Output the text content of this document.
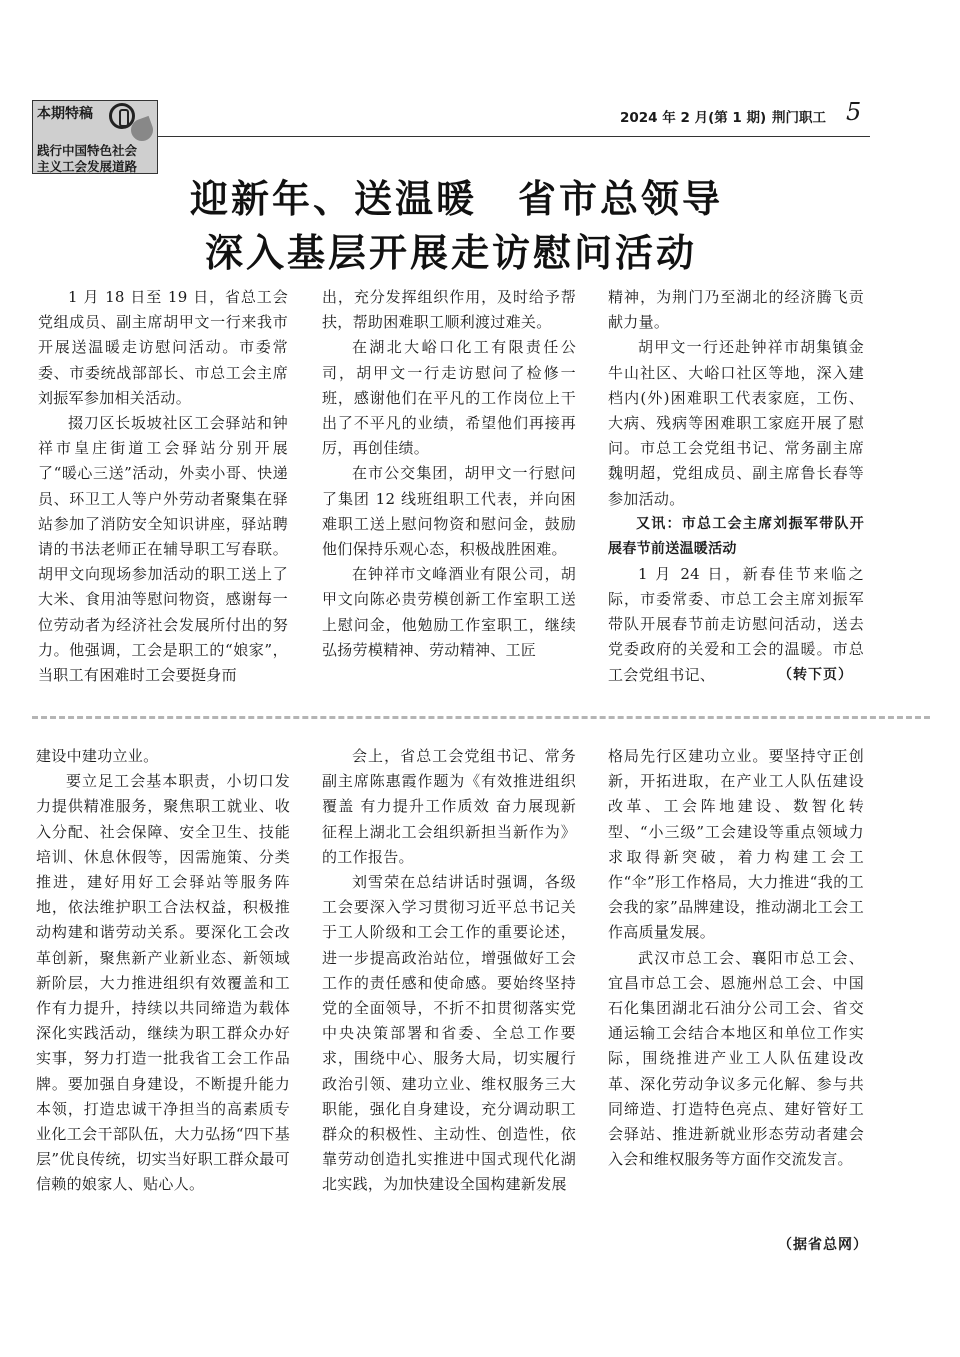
本期特稿
践行中国特色社会
主义工会发展道路
2024 年 2 月(第 1 期) 荆门职工 5
迎新年、送温暖　省市总领导
深入基层开展走访慰问活动

1 月 18 日至 19 日，省总工会党组成员、副主席胡甲文一行来我市开展送温暖走访慰问活动。市委常委、市委统战部部长、市总工会主席刘振军参加相关活动。

掇刀区长坂坡社区工会驿站和钟祥市皇庄街道工会驿站分别开展了“暖心三送”活动，外卖小哥、快递员、环卫工人等户外劳动者聚集在驿站参加了消防安全知识讲座，驿站聘请的书法老师正在辅导职工写春联。胡甲文向现场参加活动的职工送上了大米、食用油等慰问物资，感谢每一位劳动者为经济社会发展所付出的努力。他强调，工会是职工的“娘家”，当职工有困难时工会要挺身而

出，充分发挥组织作用，及时给予帮扶，帮助困难职工顺利渡过难关。

在湖北大峪口化工有限责任公司，胡甲文一行走访慰问了检修一班，感谢他们在平凡的工作岗位上干出了不平凡的业绩，希望他们再接再厉，再创佳绩。

在市公交集团，胡甲文一行慰问了集团 12 线班组职工代表，并向困难职工送上慰问物资和慰问金，鼓励他们保持乐观心态，积极战胜困难。

在钟祥市文峰酒业有限公司，胡甲文向陈必贵劳模创新工作室职工送上慰问金，他勉励工作室职工，继续弘扬劳模精神、劳动精神、工匠

精神，为荆门乃至湖北的经济腾飞贡献力量。

胡甲文一行还赴钟祥市胡集镇金牛山社区、大峪口社区等地，深入建档内(外)困难职工代表家庭，工伤、大病、残病等困难职工家庭开展了慰问。市总工会党组书记、常务副主席魏明超，党组成员、副主席鲁长春等参加活动。

又讯：市总工会主席刘振军带队开展春节前送温暖活动

1 月 24 日，新春佳节来临之际，市委常委、市总工会主席刘振军带队开展春节前走访慰问活动，送去党委政府的关爱和工会的温暖。市总工会党组书记、	（转下页）

建设中建功立业。

要立足工会基本职责，小切口发力提供精准服务，聚焦职工就业、收入分配、社会保障、安全卫生、技能培训、休息休假等，因需施策、分类推进，建好用好工会驿站等服务阵地，依法维护职工合法权益，积极推动构建和谐劳动关系。要深化工会改革创新，聚焦新产业新业态、新领域新阶层，大力推进组织有效覆盖和工作有力提升，持续以共同缔造为载体深化实践活动，继续为职工群众办好实事，努力打造一批我省工会工作品牌。要加强自身建设，不断提升能力本领，打造忠诚干净担当的高素质专业化工会干部队伍，大力弘扬“四下基层”优良传统，切实当好职工群众最可信赖的娘家人、贴心人。

会上，省总工会党组书记、常务副主席陈惠霞作题为《有效推进组织覆盖 有力提升工作质效 奋力展现新征程上湖北工会组织新担当新作为》的工作报告。

刘雪荣在总结讲话时强调，各级工会要深入学习贯彻习近平总书记关于工人阶级和工会工作的重要论述，进一步提高政治站位，增强做好工会工作的责任感和使命感。要始终坚持党的全面领导，不折不扣贯彻落实党中央决策部署和省委、全总工作要求，围绕中心、服务大局，切实履行政治引领、建功立业、维权服务三大职能，强化自身建设，充分调动职工群众的积极性、主动性、创造性，依靠劳动创造扎实推进中国式现代化湖北实践，为加快建设全国构建新发展

格局先行区建功立业。要坚持守正创新，开拓进取，在产业工人队伍建设改革、工会阵地建设、数智化转型、“小三级”工会建设等重点领域力求取得新突破，着力构建工会工作“伞”形工作格局，大力推进“我的工会我的家”品牌建设，推动湖北工会工作高质量发展。

武汉市总工会、襄阳市总工会、宜昌市总工会、恩施州总工会、中国石化集团湖北石油分公司工会、省交通运输工会结合本地区和单位工作实际，围绕推进产业工人队伍建设改革、深化劳动争议多元化解、参与共同缔造、打造特色亮点、建好管好工会驿站、推进新就业形态劳动者建会入会和维权服务等方面作交流发言。

（据省总网）
